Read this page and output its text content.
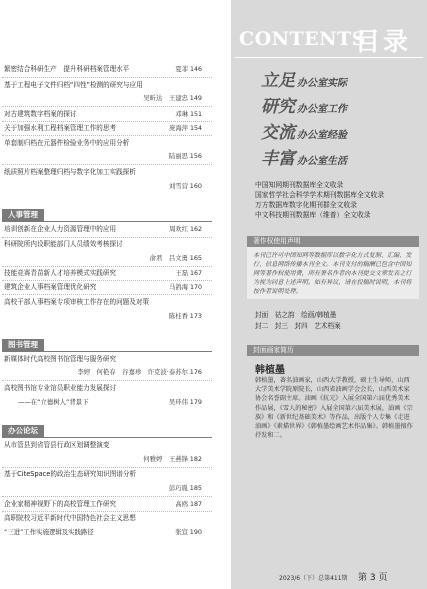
繁密结合科研生产　提升科研档案管理水平	夏菲 146
基于工程电子文件归档“四性”检测的研究与应用
吴昕达　王建忠 149
对古建筑数字档案的探讨	邓琳 151
关于加强水利工程档案管理工作的思考	庞海萍 154
单套制归档在元器件检验业务中的应用分析
陆丽思 156
纸质照片档案整理归档与数字化加工实践探析
刘雪营 160
人事管理
培训创新在企业人力资源管理中的应用	周欢红 162
科研院所内设职能部门人员绩效考核探讨
俞君　吕文勇 165
技能竞赛青苗新人才培养模式实践研究	王磊 167
建筑企业人事档案管理优化研究	马鸽海 170
高校干部人事档案专项审核工作存在的问题及对策
陈桂香 173
图书管理
新媒体时代高校图书馆管理与服务研究
李婷　何艳春　谷嘉珍　许克波·泰苏尔 176
高校图书馆专业馆员职业能力发展探讨
——在“立德树人”背景下	吴环伟 179
办公论坛
从市管县到省管县行政区划调整演变
何雅婷　王燕锋 182
基于CiteSpace的政治生态研究知识图谱分析
彭巧胤 185
企业家精神视野下的高校管理工作研究	高鸥 187
高职院校习近平新时代中国特色社会主义思想
“三进”工作实施逻辑及实践路径	张宣 190
CONTENTS
目录
立足 办公室实际
研究 办公室工作
交流 办公室经验
丰富 办公室生活
中国知网期刊数据库全文收录
国家哲学社会科学学术期刊数据库全文收录
万方数据库数字化期刊群全文收录
中文科技期刊数据库（维普）全文收录
著作权使用声明
本刊已许可中国知网等数据库以数字化方式复制、汇编、发行、信息网络传播本刊全文。本刊支付的稿酬已包含中国知网等著作权使用费，所有署名作者向本刊提交文章发表之行为视为同意上述声明。如有异议，请在投稿时说明，本刊将按作者说明处理。
封面　祜之韵　绘画/韩植墨
封二　封三　封四　艺术档案
封面画家简历
韩植墨
韩植墨，著名油画家，山西大学教授，硕士生导师，山西大学美术学院原院长，山西省油画学会会长，山西美术家协会名誉副主席。油画《抗元》入展全国第六届优秀美术作品展，《雪人的秘密》入展全国第六届美术展，油画《宗族》和《新世纪基础美术》等作品，出版个人专集《走进油画》《素描世界》《韩植墨绘画艺术作品集》。韩植墨擅作抒发和二。
2023/6（下）总第411期 第 3 页
